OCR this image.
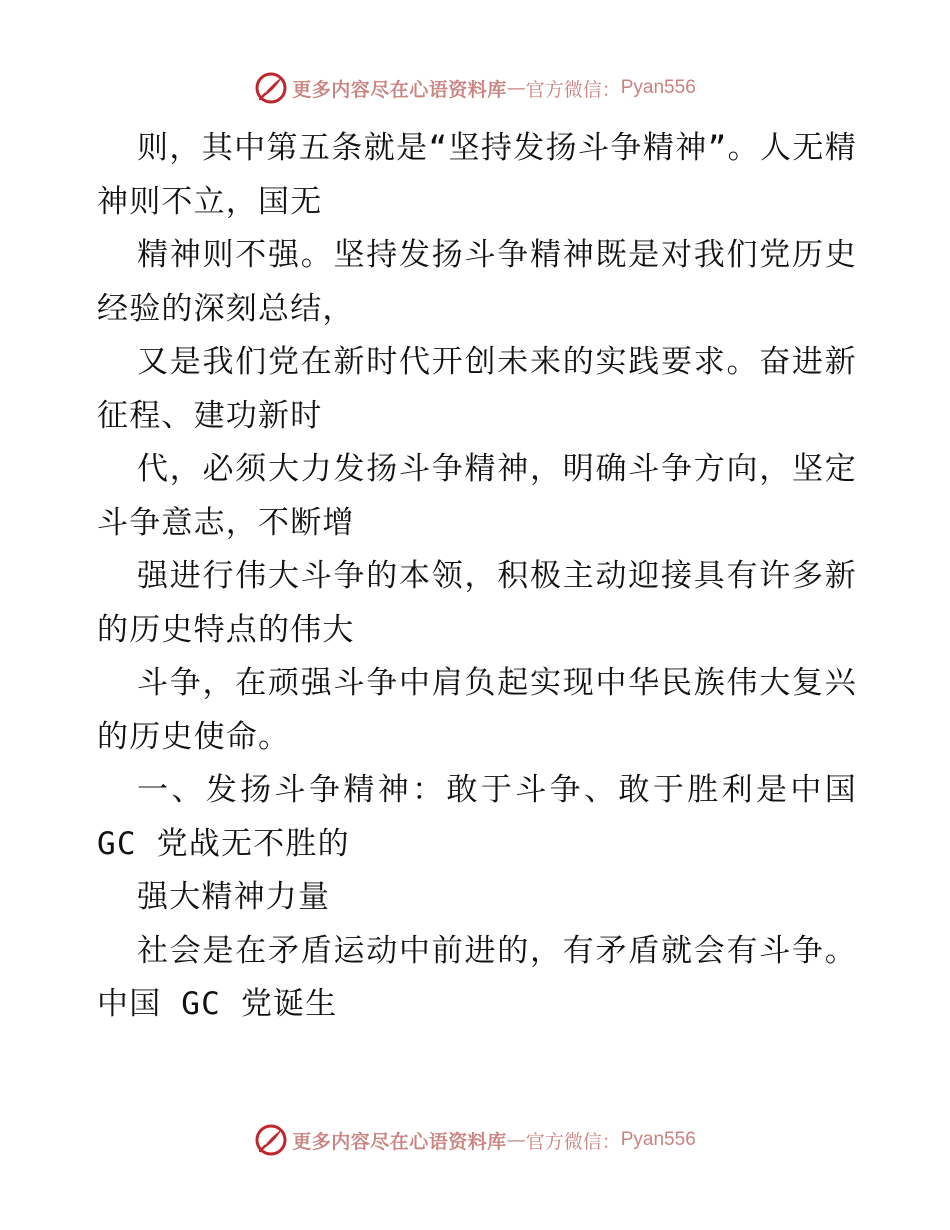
更多内容尽在心语资料库 — 官方微信： Pyan556

则，其中第五条就是“坚持发扬斗争精神”。人无精神则不立，国无

精神则不强。坚持发扬斗争精神既是对我们党历史经验的深刻总结，

又是我们党在新时代开创未来的实践要求。奋进新征程、建功新时

代，必须大力发扬斗争精神，明确斗争方向，坚定斗争意志，不断增

强进行伟大斗争的本领，积极主动迎接具有许多新的历史特点的伟大

斗争，在顽强斗争中肩负起实现中华民族伟大复兴的历史使命。

一、发扬斗争精神：敢于斗争、敢于胜利是中国 GC 党战无不胜的

强大精神力量

社会是在矛盾运动中前进的，有矛盾就会有斗争。中国 GC 党诞生

更多内容尽在心语资料库 — 官方微信： Pyan556
